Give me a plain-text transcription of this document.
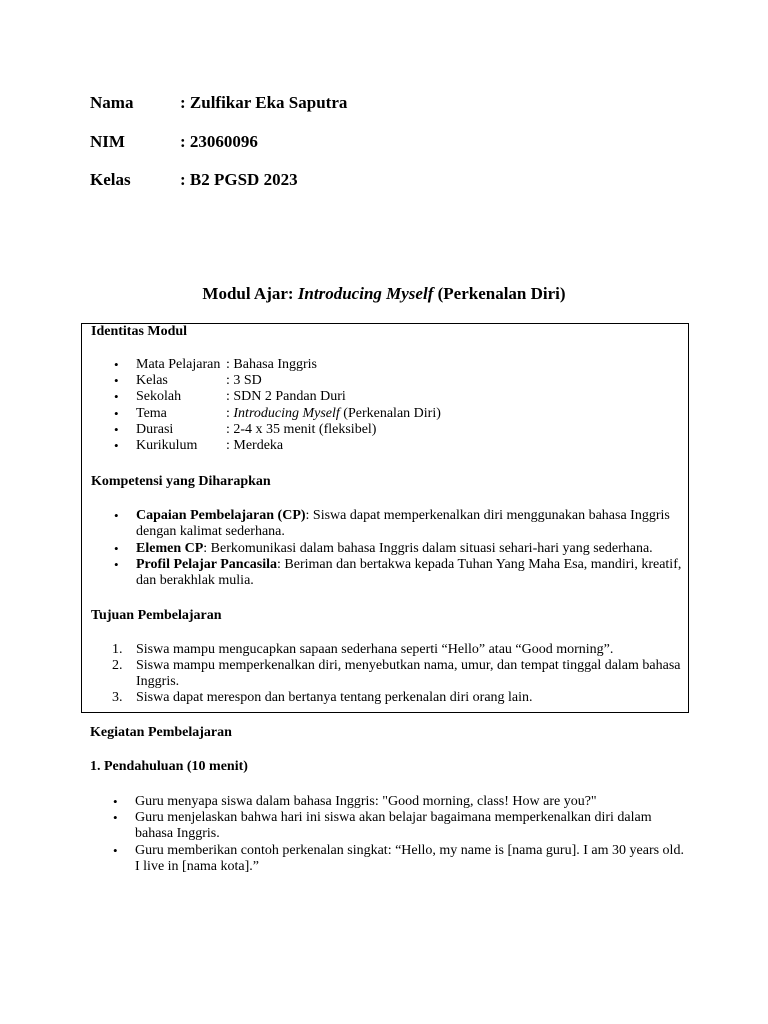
Nama	: Zulfikar Eka Saputra
NIM	: 23060096
Kelas	: B2 PGSD 2023
Modul Ajar: Introducing Myself (Perkenalan Diri)
Identitas Modul
• Mata Pelajaran : Bahasa Inggris
• Kelas	: 3 SD
• Sekolah	: SDN 2 Pandan Duri
• Tema	: Introducing Myself (Perkenalan Diri)
• Durasi	: 2-4 x 35 menit (fleksibel)
• Kurikulum : Merdeka
Kompetensi yang Diharapkan
• Capaian Pembelajaran (CP): Siswa dapat memperkenalkan diri menggunakan bahasa Inggris
dengan kalimat sederhana.
• Elemen CP: Berkomunikasi dalam bahasa Inggris dalam situasi sehari-hari yang sederhana.
• Profil Pelajar Pancasila: Beriman dan bertakwa kepada Tuhan Yang Maha Esa, mandiri, kreatif,
dan berakhlak mulia.
Tujuan Pembelajaran
1. Siswa mampu mengucapkan sapaan sederhana seperti “Hello” atau “Good morning”.
2. Siswa mampu memperkenalkan diri, menyebutkan nama, umur, dan tempat tinggal dalam bahasa
Inggris.
3. Siswa dapat merespon dan bertanya tentang perkenalan diri orang lain.
Kegiatan Pembelajaran
1. Pendahuluan (10 menit)
• Guru menyapa siswa dalam bahasa Inggris: "Good morning, class! How are you?"
• Guru menjelaskan bahwa hari ini siswa akan belajar bagaimana memperkenalkan diri dalam
bahasa Inggris.
• Guru memberikan contoh perkenalan singkat: “Hello, my name is [nama guru]. I am 30 years old.
I live in [nama kota].”
